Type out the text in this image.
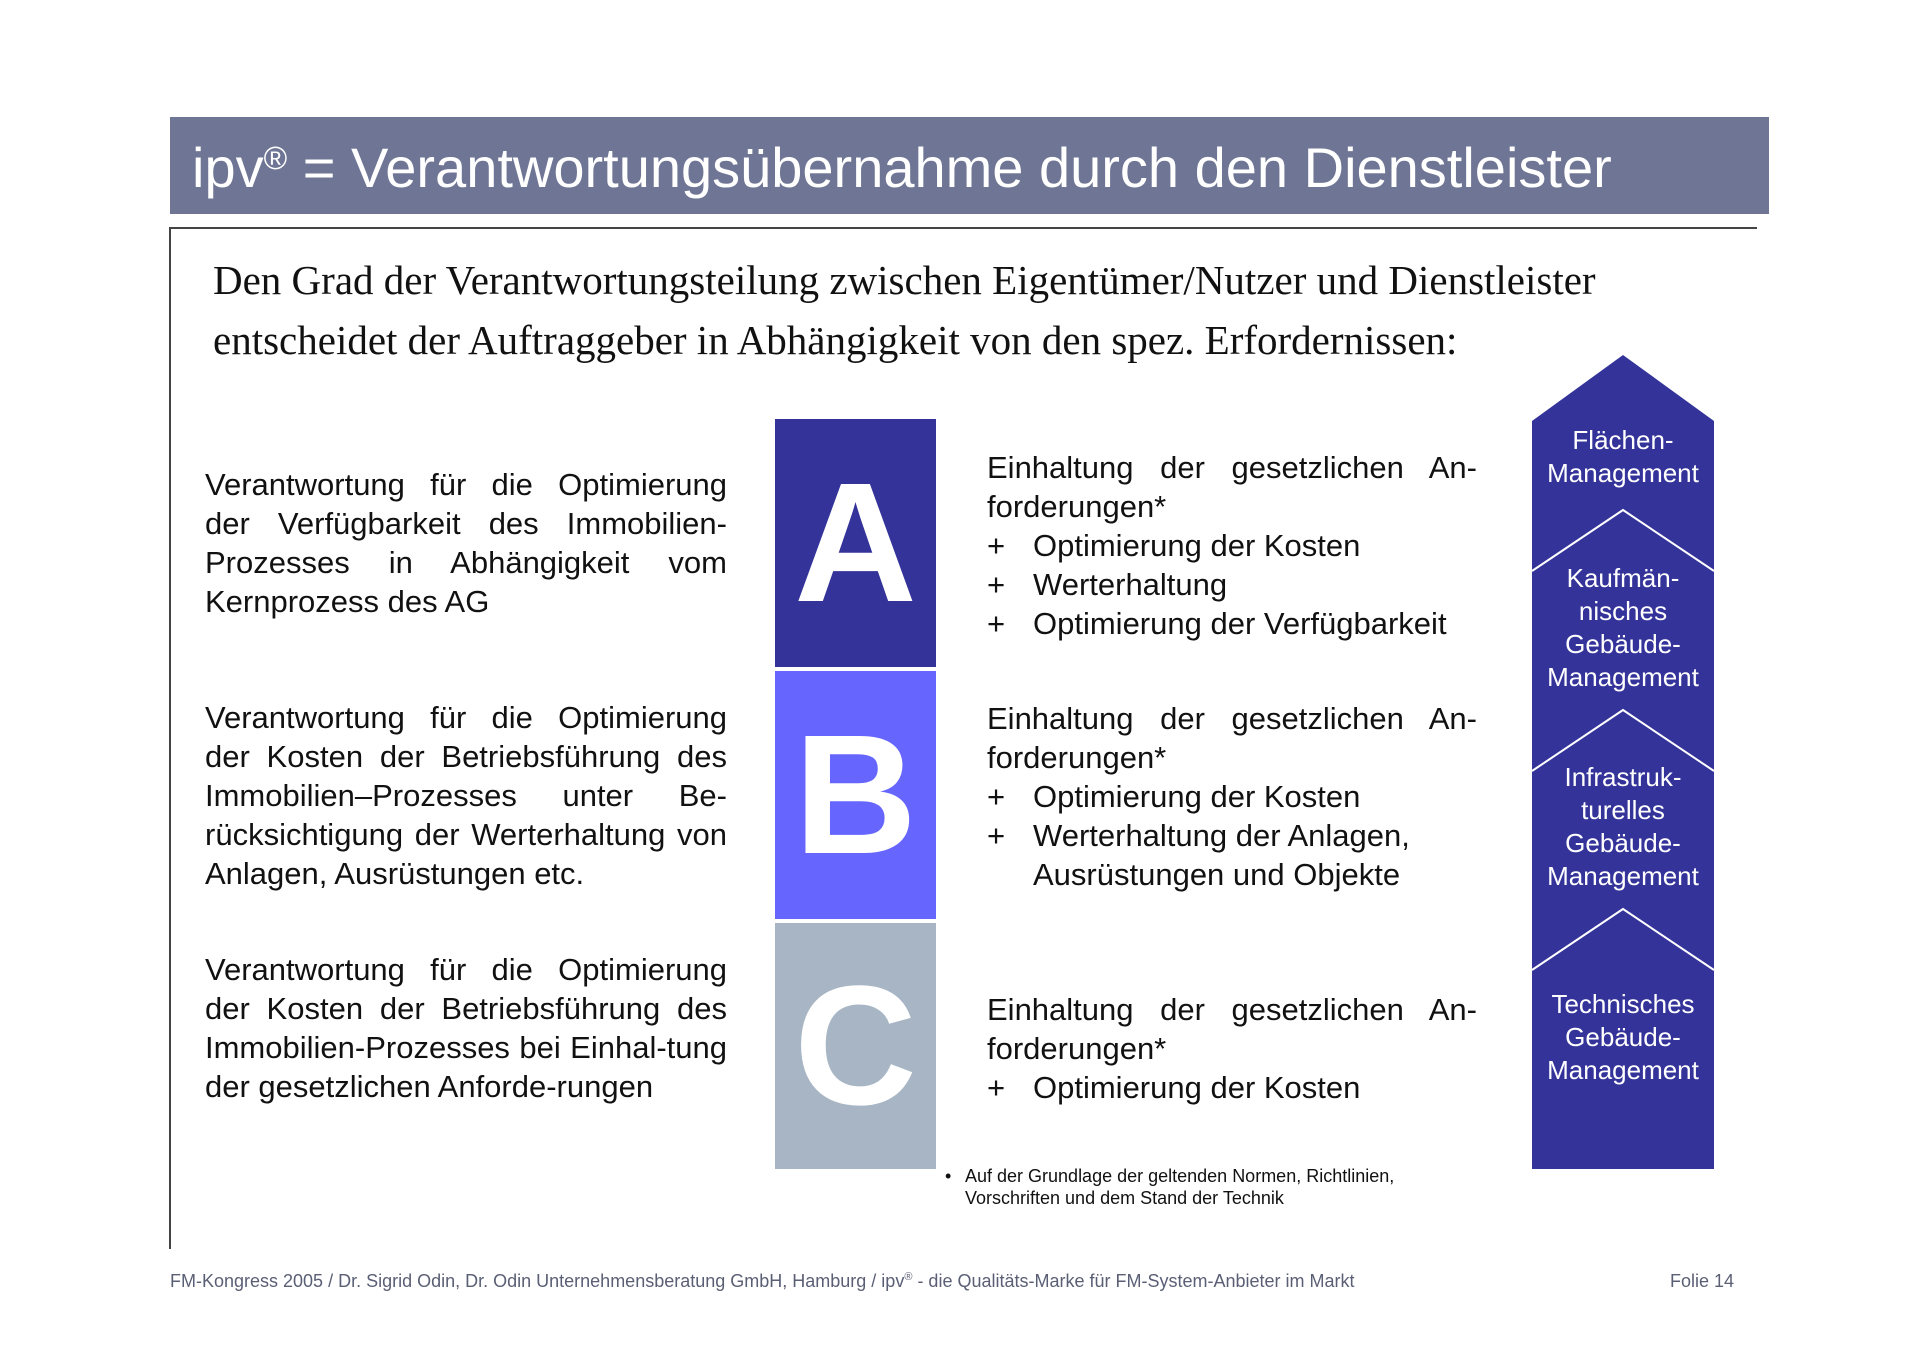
ipv® = Verantwortungsübernahme durch den Dienstleister
Den Grad der Verantwortungsteilung zwischen Eigentümer/Nutzer und Dienstleister
entscheidet der Auftraggeber in Abhängigkeit von den spez. Erfordernissen:
Verantwortung für die Optimierung der Verfügbarkeit des Immobilien-Prozesses in Abhängigkeit vom Kernprozess des AG
Verantwortung für die Optimierung der Kosten der Betriebsführung des Immobilien–Prozesses unter Be-rücksichtigung der Werterhaltung von Anlagen, Ausrüstungen etc.
Verantwortung für die Optimierung der Kosten der Betriebsführung des Immobilien-Prozesses bei Einhal-tung der gesetzlichen Anforde-rungen
A
B
C
Einhaltung der gesetzlichen An-forderungen*
+ Optimierung der Kosten
+ Werterhaltung
+ Optimierung der Verfügbarkeit
Einhaltung der gesetzlichen An-forderungen*
+ Optimierung der Kosten
+ Werterhaltung der Anlagen,
Ausrüstungen und Objekte
Einhaltung der gesetzlichen An-forderungen*
+ Optimierung der Kosten
• Auf der Grundlage der geltenden Normen, Richtlinien,
Vorschriften und dem Stand der Technik
Flächen-
Management
Kaufmän-
nisches
Gebäude-
Management
Infrastruk-
turelles
Gebäude-
Management
Technisches
Gebäude-
Management
FM-Kongress 2005 / Dr. Sigrid Odin, Dr. Odin Unternehmensberatung GmbH, Hamburg / ipv® - die Qualitäts-Marke für FM-System-Anbieter im Markt	Folie 14
